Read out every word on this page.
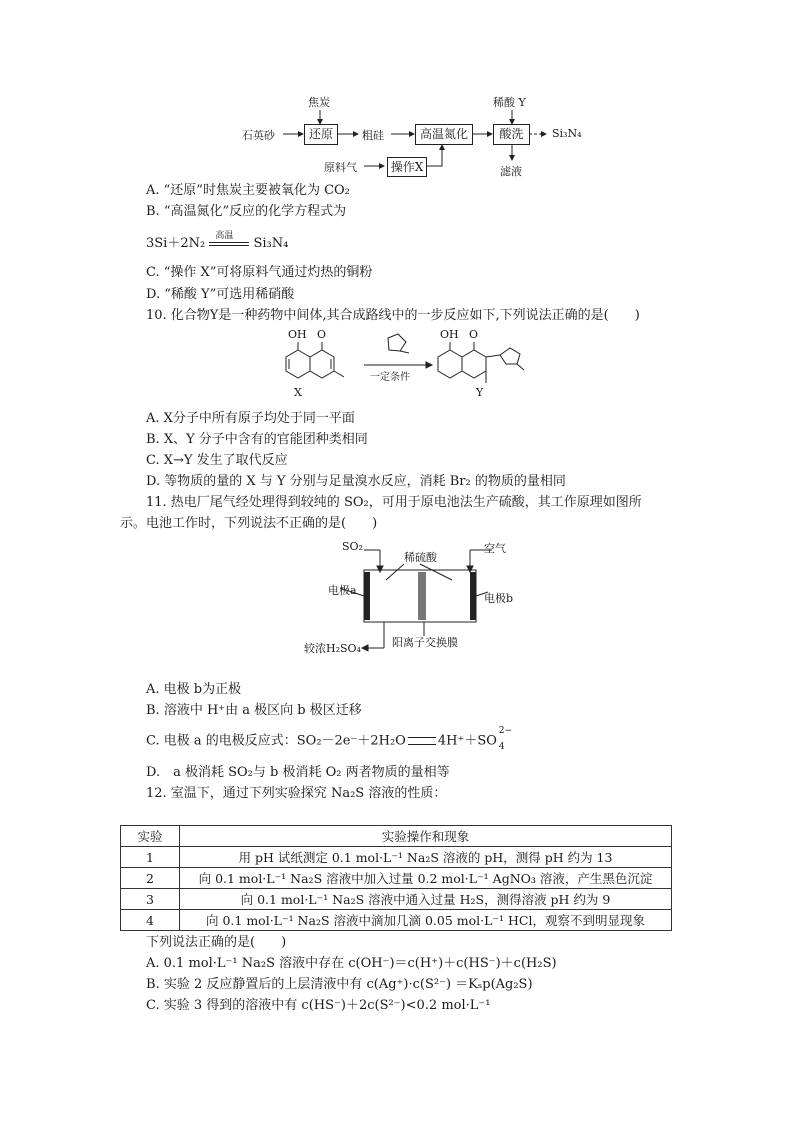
焦炭	稀酸 Y
石英砂	还原	粗硅	高温氮化	酸洗	Si₃N₄
原料气	操作X	滤液
A. “还原”时焦炭主要被氧化为 CO₂
B. “高温氮化”反应的化学方程式为
3Si＋2N₂
高温
Si₃N₄
C. “操作 X”可将原料气通过灼热的铜粉
D. “稀酸 Y”可选用稀硝酸
10. 化合物Y是一种药物中间体,其合成路线中的一步反应如下,下列说法正确的是(　　)
OH O	OH O
一定条件
X	Y
A. X分子中所有原子均处于同一平面
B. X、Y 分子中含有的官能团种类相同
C. X→Y 发生了取代反应
D. 等物质的量的 X 与 Y 分别与足量溴水反应，消耗 Br₂ 的物质的量相同
11. 热电厂尾气经处理得到较纯的 SO₂，可用于原电池法生产硫酸，其工作原理如图所
示。电池工作时，下列说法不正确的是(　　)
SO₂
稀硫酸
空气
电极a
电极b
较浓H₂SO₄	阳离子交换膜
A. 电极 b为正极
B. 溶液中 H⁺由 a 极区向 b 极区迁移
C. 电极 a 的电极反应式：SO₂－2e⁻＋2H₂O 4H⁺＋SO
2−
4
D.　a 极消耗 SO₂与 b 极消耗 O₂ 两者物质的量相等
12. 室温下，通过下列实验探究 Na₂S 溶液的性质：
实验	实验操作和现象
1	用 pH 试纸测定 0.1 mol·L⁻¹ Na₂S 溶液的 pH，测得 pH 约为 13
2	向 0.1 mol·L⁻¹ Na₂S 溶液中加入过量 0.2 mol·L⁻¹ AgNO₃ 溶液，产生黑色沉淀
3	向 0.1 mol·L⁻¹ Na₂S 溶液中通入过量 H₂S，测得溶液 pH 约为 9
4	向 0.1 mol·L⁻¹ Na₂S 溶液中滴加几滴 0.05 mol·L⁻¹ HCl，观察不到明显现象
下列说法正确的是(　　)
A. 0.1 mol·L⁻¹ Na₂S 溶液中存在 c(OH⁻)＝c(H⁺)＋c(HS⁻)＋c(H₂S)
B. 实验 2 反应静置后的上层清液中有 c(Ag⁺)·c(S²⁻) ＝Kₛp(Ag₂S)
C. 实验 3 得到的溶液中有 c(HS⁻)＋2c(S²⁻)<0.2 mol·L⁻¹
